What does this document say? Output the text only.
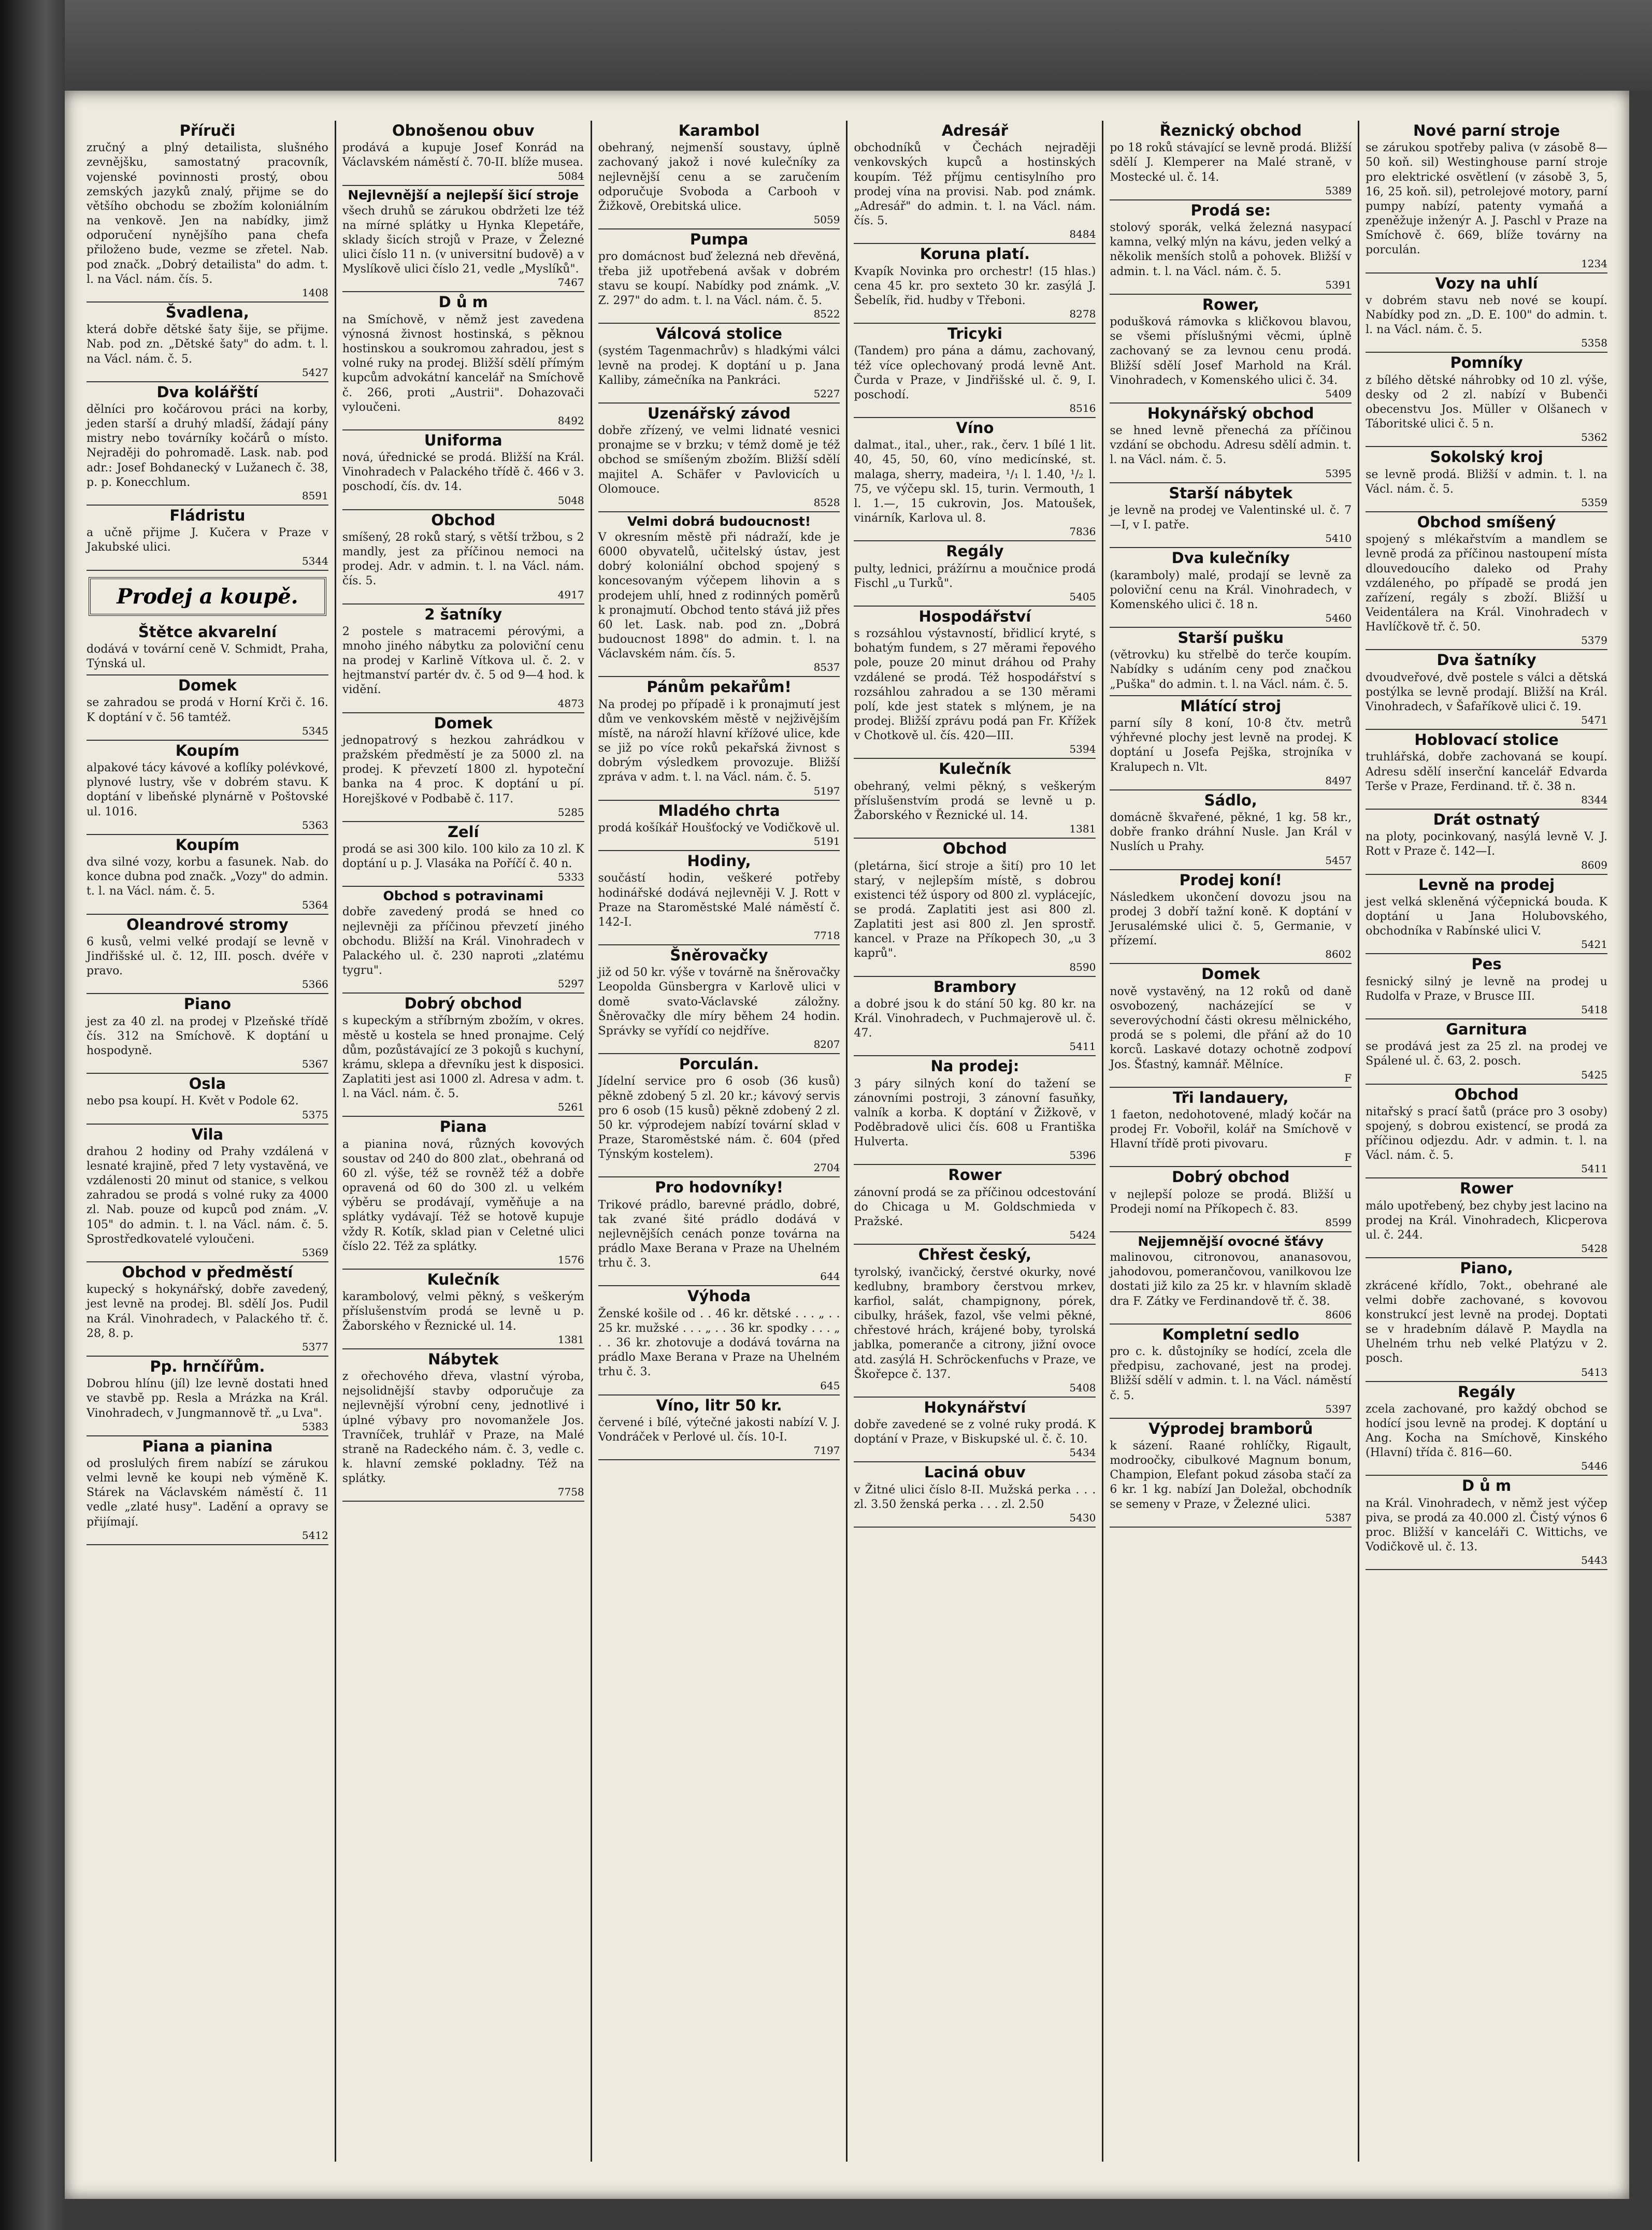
Příruči

zručný a plný detailista, slušného zevnějšku, samostatný pracovník, vojenské povinnosti prostý, obou zemských jazyků znalý, přijme se do většího obchodu se zbožím koloniálním na venkově. Jen na nabídky, jimž odporučení nynějšího pana chefa přiloženo bude, vezme se zřetel. Nab. pod značk. „Dobrý detailista" do adm. t. l. na Václ. nám. čís. 5.

1408
Švadlena,

která dobře dětské šaty šije, se přijme. Nab. pod zn. „Dětské šaty" do adm. t. l. na Václ. nám. č. 5.

5427
Dva kolářští

dělníci pro kočárovou práci na korby, jeden starší a druhý mladší, žádají pány mistry nebo továrníky kočárů o místo. Nejraději do pohromadě. Lask. nab. pod adr.: Josef Bohdanecký v Lužanech č. 38, p. p. Konecchlum.

8591
Fládristu

a učně přijme J. Kučera v Praze v Jakubské ulici.

5344
Prodej a koupě.
Štětce akvarelní

dodává v tovární ceně V. Schmidt, Praha, Týnská ul.

Domek

se zahradou se prodá v Horní Krči č. 16. K doptání v č. 56 tamtéž.

5345
Koupím

alpakové tácy kávové a koflíky polévkové, plynové lustry, vše v dobrém stavu. K doptání v libeňské plynárně v Poštovské ul. 1016.

5363
Koupím

dva silné vozy, korbu a fasunek. Nab. do konce dubna pod značk. „Vozy" do admin. t. l. na Václ. nám. č. 5.

5364
Oleandrové stromy

6 kusů, velmi velké prodají se levně v Jindřišské ul. č. 12, III. posch. dvéře v pravo.

5366
Piano

jest za 40 zl. na prodej v Plzeňské třídě čís. 312 na Smíchově. K doptání u hospodyně.

5367
Osla

nebo psa koupí. H. Květ v Podole 62.

5375
Vila

drahou 2 hodiny od Prahy vzdálená v lesnaté krajině, před 7 lety vystavěná, ve vzdálenosti 20 minut od stanice, s velkou zahradou se prodá s volné ruky za 4000 zl. Nab. pouze od kupců pod znám. „V. 105" do admin. t. l. na Václ. nám. č. 5. Sprostředkovatelé vyloučeni.

5369
Obchod v předměstí

kupecký s hokynářský, dobře zavedený, jest levně na prodej. Bl. sdělí Jos. Pudil na Král. Vinohradech, v Palackého tř. č. 28, 8. p.

5377
Pp. hrnčířům.

Dobrou hlínu (jíl) lze levně dostati hned ve stavbě pp. Resla a Mrázka na Král. Vinohradech, v Jungmannově tř. „u Lva".

5383
Piana a pianina

od proslulých firem nabízí se zárukou velmi levně ke koupi neb výměně K. Stárek na Václavském náměstí č. 11 vedle „zlaté husy". Ladění a opravy se přijímají.

5412
Obnošenou obuv

prodává a kupuje Josef Konrád na Václavském náměstí č. 70-II. blíže musea.

5084
Nejlevnější a nejlepší šicí stroje

všech druhů se zárukou obdržeti lze též na mírné splátky u Hynka Klepetáře, sklady šicích strojů v Praze, v Železné ulici číslo 11 n. (v universitní budově) a v Myslíkově ulici číslo 21, vedle „Myslíků".

7467
D ů m

na Smíchově, v němž jest zavedena výnosná živnost hostinská, s pěknou hostinskou a soukromou zahradou, jest s volné ruky na prodej. Bližší sdělí přímým kupcům advokátní kancelář na Smíchově č. 266, proti „Austrii". Dohazovači vyloučeni.

8492
Uniforma

nová, úřednické se prodá. Bližší na Král. Vinohradech v Palackého třídě č. 466 v 3. poschodí, čís. dv. 14.

5048
Obchod

smíšený, 28 roků starý, s větší tržbou, s 2 mandly, jest za příčinou nemoci na prodej. Adr. v admin. t. l. na Václ. nám. čís. 5.

4917
2 šatníky

2 postele s matracemi pérovými, a mnoho jiného nábytku za poloviční cenu na prodej v Karlině Vítkova ul. č. 2. v hejtmanství partér dv. č. 5 od 9—4 hod. k vidění.

4873
Domek

jednopatrový s hezkou zahrádkou v pražském předměstí je za 5000 zl. na prodej. K převzetí 1800 zl. hypoteční banka na 4 proc. K doptání u pí. Horejškové v Podbabě č. 117.

5285
Zelí

prodá se asi 300 kilo. 100 kilo za 10 zl. K doptání u p. J. Vlasáka na Poříčí č. 40 n.

5333
Obchod s potravinami

dobře zavedený prodá se hned co nejlevněji za příčinou převzetí jiného obchodu. Bližší na Král. Vinohradech v Palackého ul. č. 230 naproti „zlatému tygru".

5297
Dobrý obchod

s kupeckým a stříbrným zbožím, v okres. městě u kostela se hned pronajme. Celý dům, pozůstávající ze 3 pokojů s kuchyní, krámu, sklepa a dřevníku jest k disposici. Zaplatiti jest asi 1000 zl. Adresa v adm. t. l. na Václ. nám. č. 5.

5261
Piana

a pianina nová, různých kovových soustav od 240 do 800 zlat., obehraná od 60 zl. výše, též se rovněž též a dobře opravená od 60 do 300 zl. u velkém výběru se prodávají, vyměňuje a na splátky vydávají. Též se hotově kupuje vždy R. Kotík, sklad pian v Celetné ulici číslo 22. Též za splátky.

1576
Kulečník

karambolový, velmi pěkný, s veškerým příslušenstvím prodá se levně u p. Žaborského v Řeznické ul. 14.

1381
Nábytek

z ořechového dřeva, vlastní výroba, nejsolidnější stavby odporučuje za nejlevnější výrobní ceny, jednotlivé i úplné výbavy pro novomanžele Jos. Travníček, truhlář v Praze, na Malé straně na Radeckého nám. č. 3, vedle c. k. hlavní zemské pokladny. Též na splátky.

7758
Karambol

obehraný, nejmenší soustavy, úplně zachovaný jakož i nové kulečníky za nejlevnější cenu a se zaručením odporučuje Svoboda a Carbooh v Žižkově, Orebitská ulice.

5059
Pumpa

pro domácnost buď železná neb dřevěná, třeba již upotřebená avšak v dobrém stavu se koupí. Nabídky pod známk. „V. Z. 297" do adm. t. l. na Václ. nám. č. 5.

8522
Válcová stolice

(systém Tagenmachrův) s hladkými válci levně na prodej. K doptání u p. Jana Kalliby, zámečníka na Pankráci.

5227
Uzenářský závod

dobře zřízený, ve velmi lidnaté vesnici pronajme se v brzku; v témž domě je též obchod se smíšeným zbožím. Bližší sdělí majitel A. Schäfer v Pavlovicích u Olomouce.

8528
Velmi dobrá budoucnost!

V okresním městě při nádraží, kde je 6000 obyvatelů, učitelský ústav, jest dobrý koloniální obchod spojený s koncesovaným výčepem lihovin a s prodejem uhlí, hned z rodinných poměrů k pronajmutí. Obchod tento stává již přes 60 let. Lask. nab. pod zn. „Dobrá budoucnost 1898" do admin. t. l. na Václavském nám. čís. 5.

8537
Pánům pekařům!

Na prodej po případě i k pronajmutí jest dům ve venkovském městě v nejživějším místě, na nároží hlavní křížové ulice, kde se již po více roků pekařská živnost s dobrým výsledkem provozuje. Bližší zpráva v adm. t. l. na Václ. nám. č. 5.

5197
Mladého chrta

prodá košíkář Houšťocký ve Vodičkově ul.

5191
Hodiny,

součástí hodin, veškeré potřeby hodinářské dodává nejlevněji V. J. Rott v Praze na Staroměstské Malé náměstí č. 142-I.

7718
Šněrovačky

již od 50 kr. výše v továrně na šněrovačky Leopolda Günsbergra v Karlově ulici v domě svato-Václavské záložny. Šněrovačky dle míry během 24 hodin. Správky se vyřídí co nejdříve.

8207
Porculán.

Jídelní service pro 6 osob (36 kusů) pěkně zdobený 5 zl. 20 kr.; kávový servis pro 6 osob (15 kusů) pěkně zdobený 2 zl. 50 kr. výprodejem nabízí tovární sklad v Praze, Staroměstské nám. č. 604 (před Týnským kostelem).

2704
Pro hodovníky!

Trikové prádlo, barevné prádlo, dobré, tak zvané šité prádlo dodává v nejlevnějších cenách ponze továrna na prádlo Maxe Berana v Praze na Uhelném trhu č. 3.

644
Výhoda

Ženské košile od . . 46 kr. dětské . . . „ . . 25 kr. mužské . . . „ . . 36 kr. spodky . . . „ . . 36 kr. zhotovuje a dodává továrna na prádlo Maxe Berana v Praze na Uhelném trhu č. 3.

645
Víno, litr 50 kr.

červené i bílé, výtečné jakosti nabízí V. J. Vondráček v Perlové ul. čís. 10-I.

7197
Adresář

obchodníků v Čechách nejraději venkovských kupců a hostinských koupím. Též příjmu centisylního pro prodej vína na provisi. Nab. pod známk. „Adresář" do admin. t. l. na Václ. nám. čís. 5.

8484
Koruna platí.

Kvapík Novinka pro orchestr! (15 hlas.) cena 45 kr. pro sexteto 30 kr. zasýlá J. Šebelík, řid. hudby v Třeboni.

8278
Tricyki

(Tandem) pro pána a dámu, zachovaný, též více oplechovaný prodá levně Ant. Čurda v Praze, v Jindřišské ul. č. 9, I. poschodí.

8516
Víno

dalmat., ital., uher., rak., červ. 1 bílé 1 lit. 40, 45, 50, 60, víno medicínské, st. malaga, sherry, madeira, ¹/₁ l. 1.40, ¹/₂ l. 75, ve výčepu skl. 15, turin. Vermouth, 1 l. 1.—, 15 cukrovin, Jos. Matoušek, vinárník, Karlova ul. 8.

7836
Regály

pulty, lednici, prážírnu a moučnice prodá Fischl „u Turků".

5405
Hospodářství

s rozsáhlou výstavností, břidlicí kryté, s bohatým fundem, s 27 měrami řepového pole, pouze 20 minut dráhou od Prahy vzdálené se prodá. Též hospodářství s rozsáhlou zahradou a se 130 měrami polí, kde jest statek s mlýnem, je na prodej. Bližší zprávu podá pan Fr. Křížek v Chotkově ul. čís. 420—III.

5394
Kulečník

obehraný, velmi pěkný, s veškerým příslušenstvím prodá se levně u p. Žaborského v Řeznické ul. 14.

1381
Obchod

(pletárna, šicí stroje a šití) pro 10 let starý, v nejlepším místě, s dobrou existenci též úspory od 800 zl. vyplácejíc, se prodá. Zaplatiti jest asi 800 zl. Zaplatiti jest asi 800 zl. Jen sprostř. kancel. v Praze na Příkopech 30, „u 3 kaprů".

8590
Brambory

a dobré jsou k do stání 50 kg. 80 kr. na Král. Vinohradech, v Puchmajerově ul. č. 47.

5411
Na prodej:

3 páry silných koní do tažení se zánovními postroji, 3 zánovní fasuňky, valník a korba. K doptání v Žižkově, v Poděbradově ulici čís. 608 u Františka Hulverta.

5396
Rower

zánovní prodá se za příčinou odcestování do Chicaga u M. Goldschmieda v Pražské.

5424
Chřest český,

tyrolský, ivančický, čerstvé okurky, nové kedlubny, brambory čerstvou mrkev, karfiol, salát, champignony, pórek, cibulky, hrášek, fazol, vše velmi pěkné, chřestové hrách, krájené boby, tyrolská jablka, pomeranče a citrony, jižní ovoce atd. zasýlá H. Schröckenfuchs v Praze, ve Škořepce č. 137.

5408
Hokynářství

dobře zavedené se z volné ruky prodá. K doptání v Praze, v Biskupské ul. č. č. 10.

5434
Laciná obuv

v Žitné ulici číslo 8-II. Mužská perka . . . zl. 3.50 ženská perka . . . zl. 2.50

5430
Řeznický obchod

po 18 roků stávající se levně prodá. Bližší sdělí J. Klemperer na Malé straně, v Mostecké ul. č. 14.

5389
Prodá se:

stolový sporák, velká železná nasypací kamna, velký mlýn na kávu, jeden velký a několik menších stolů a pohovek. Bližší v admin. t. l. na Václ. nám. č. 5.

5391
Rower,

podušková rámovka s kličkovou blavou, se všemi příslušnými věcmi, úplně zachovaný se za levnou cenu prodá. Bližší sdělí Josef Marhold na Král. Vinohradech, v Komenského ulici č. 34.

5409
Hokynářský obchod

se hned levně přenechá za příčinou vzdání se obchodu. Adresu sdělí admin. t. l. na Václ. nám. č. 5.

5395
Starší nábytek

je levně na prodej ve Valentinské ul. č. 7—I, v I. patře.

5410
Dva kulečníky

(karamboly) malé, prodají se levně za poloviční cenu na Král. Vinohradech, v Komenského ulici č. 18 n.

5460
Starší pušku

(větrovku) ku střelbě do terče koupím. Nabídky s udáním ceny pod značkou „Puška" do admin. t. l. na Václ. nám. č. 5.

Mlátící stroj

parní síly 8 koní, 10·8 čtv. metrů výhřevné plochy jest levně na prodej. K doptání u Josefa Pejška, strojníka v Kralupech n. Vlt.

8497
Sádlo,

domácně škvařené, pěkné, 1 kg. 58 kr., dobře franko dráhní Nusle. Jan Král v Nuslích u Prahy.

5457
Prodej koní!

Následkem ukončení dovozu jsou na prodej 3 dobří tažní koně. K doptání v Jerusalémské ulici č. 5, Germanie, v přízemí.

8602
Domek

nově vystavěný, na 12 roků od daně osvobozený, nacházející se v severovýchodní části okresu mělnického, prodá se s polemi, dle přání až do 10 korců. Laskavé dotazy ochotně zodpoví Jos. Šťastný, kamnář. Mělníce.

F
Tři landauery,

1 faeton, nedohotovené, mladý kočár na prodej Fr. Vobořil, kolář na Smíchově v Hlavní třídě proti pivovaru.

F
Dobrý obchod

v nejlepší poloze se prodá. Bližší u Prodeji nomí na Příkopech č. 83.

8599
Nejjemnější ovocné šťávy

malinovou, citronovou, ananasovou, jahodovou, pomerančovou, vanilkovou lze dostati již kilo za 25 kr. v hlavním skladě dra F. Zátky ve Ferdinandově tř. č. 38.

8606
Kompletní sedlo

pro c. k. důstojníky se hodící, zcela dle předpisu, zachované, jest na prodej. Bližší sdělí v admin. t. l. na Václ. náměstí č. 5.

5397
Výprodej bramborů

k sázení. Raané rohlíčky, Rigault, modroočky, cibulkové Magnum bonum, Champion, Elefant pokud zásoba stačí za 6 kr. 1 kg. nabízí Jan Doležal, obchodník se semeny v Praze, v Železné ulici.

5387
Nové parní stroje

se zárukou spotřeby paliva (v zásobě 8—50 koň. sil) Westinghouse parní stroje pro elektrické osvětlení (v zásobě 3, 5, 16, 25 koň. sil), petrolejové motory, parní pumpy nabízí, patenty vymaňá a zpeněžuje inženýr A. J. Paschl v Praze na Smíchově č. 669, blíže továrny na porculán.

1234
Vozy na uhlí

v dobrém stavu neb nové se koupí. Nabídky pod zn. „D. E. 100" do admin. t. l. na Václ. nám. č. 5.

5358
Pomníky

z bílého dětské náhrobky od 10 zl. výše, desky od 2 zl. nabízí v Bubenči obecenstvu Jos. Müller v Olšanech v Táboritské ulici č. 5 n.

5362
Sokolský kroj

se levně prodá. Bližší v admin. t. l. na Václ. nám. č. 5.

5359
Obchod smíšený

spojený s mlékařstvím a mandlem se levně prodá za příčinou nastoupení místa dlouvedoucího daleko od Prahy vzdáleného, po případě se prodá jen zařízení, regály s zboží. Bližší u Veidentálera na Král. Vinohradech v Havlíčkově tř. č. 50.

5379
Dva šatníky

dvoudveřové, dvě postele s válci a dětská postýlka se levně prodají. Bližší na Král. Vinohradech, v Šafaříkově ulici č. 19.

5471
Hoblovací stolice

truhlářská, dobře zachovaná se koupí. Adresu sdělí inserční kancelář Edvarda Terše v Praze, Ferdinand. tř. č. 38 n.

8344
Drát ostnatý

na ploty, pocinkovaný, nasýlá levně V. J. Rott v Praze č. 142—I.

8609
Levně na prodej

jest velká skleněná výčepnická bouda. K doptání u Jana Holubovského, obchodníka v Rabínské ulici V.

5421
Pes

fesnický silný je levně na prodej u Rudolfa v Praze, v Brusce III.

5418
Garnitura

se prodává jest za 25 zl. na prodej ve Spálené ul. č. 63, 2. posch.

5425
Obchod

nitařský s prací šatů (práce pro 3 osoby) spojený, s dobrou existencí, se prodá za příčinou odjezdu. Adr. v admin. t. l. na Václ. nám. č. 5.

5411
Rower

málo upotřebený, bez chyby jest lacino na prodej na Král. Vinohradech, Klicperova ul. č. 244.

5428
Piano,

zkrácené křídlo, 7okt., obehrané ale velmi dobře zachované, s kovovou konstrukcí jest levně na prodej. Doptati se v hradebním dálavě P. Maydla na Uhelném trhu neb velké Platýzu v 2. posch.

5413
Regály

zcela zachované, pro každý obchod se hodící jsou levně na prodej. K doptání u Ang. Kocha na Smíchově, Kinského (Hlavní) třída č. 816—60.

5446
D ů m

na Král. Vinohradech, v němž jest výčep piva, se prodá za 40.000 zl. Čistý výnos 6 proc. Bližší v kanceláři C. Wittichs, ve Vodičkově ul. č. 13.

5443
